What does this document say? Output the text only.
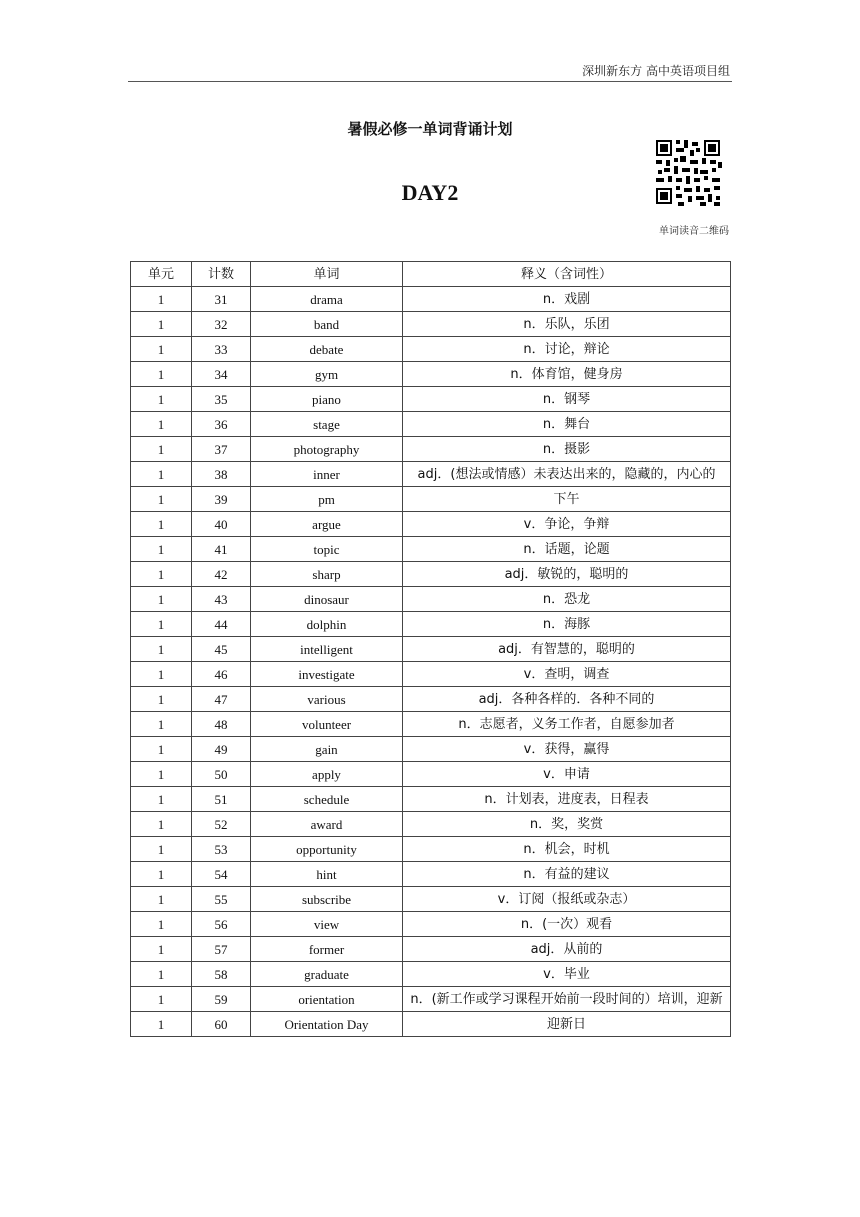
深圳新东方 高中英语项目组
暑假必修一单词背诵计划
DAY2
单词读音二维码
单元	计数	单词	释义（含词性）
1	31	drama	n．戏剧
1	32	band	n．乐队，乐团
1	33	debate	n．讨论，辩论
1	34	gym	n．体育馆，健身房
1	35	piano	n．钢琴
1	36	stage	n．舞台
1	37	photography	n．摄影
1	38	inner	adj．(想法或情感）未表达出来的，隐藏的，内心的
1	39	pm	下午
1	40	argue	v．争论，争辩
1	41	topic	n．话题，论题
1	42	sharp	adj．敏锐的，聪明的
1	43	dinosaur	n．恐龙
1	44	dolphin	n．海豚
1	45	intelligent	adj．有智慧的，聪明的
1	46	investigate	v．查明，调查
1	47	various	adj．各种各样的．各种不同的
1	48	volunteer	n．志愿者，义务工作者，自愿参加者
1	49	gain	v．获得，赢得
1	50	apply	v．申请
1	51	schedule	n．计划表，进度表，日程表
1	52	award	n．奖，奖赏
1	53	opportunity	n．机会，时机
1	54	hint	n．有益的建议
1	55	subscribe	v．订阅（报纸或杂志）
1	56	view	n．(一次）观看
1	57	former	adj．从前的
1	58	graduate	v．毕业
1	59	orientation	n．(新工作或学习课程开始前一段时间的）培训，迎新
1	60	Orientation Day	迎新日
